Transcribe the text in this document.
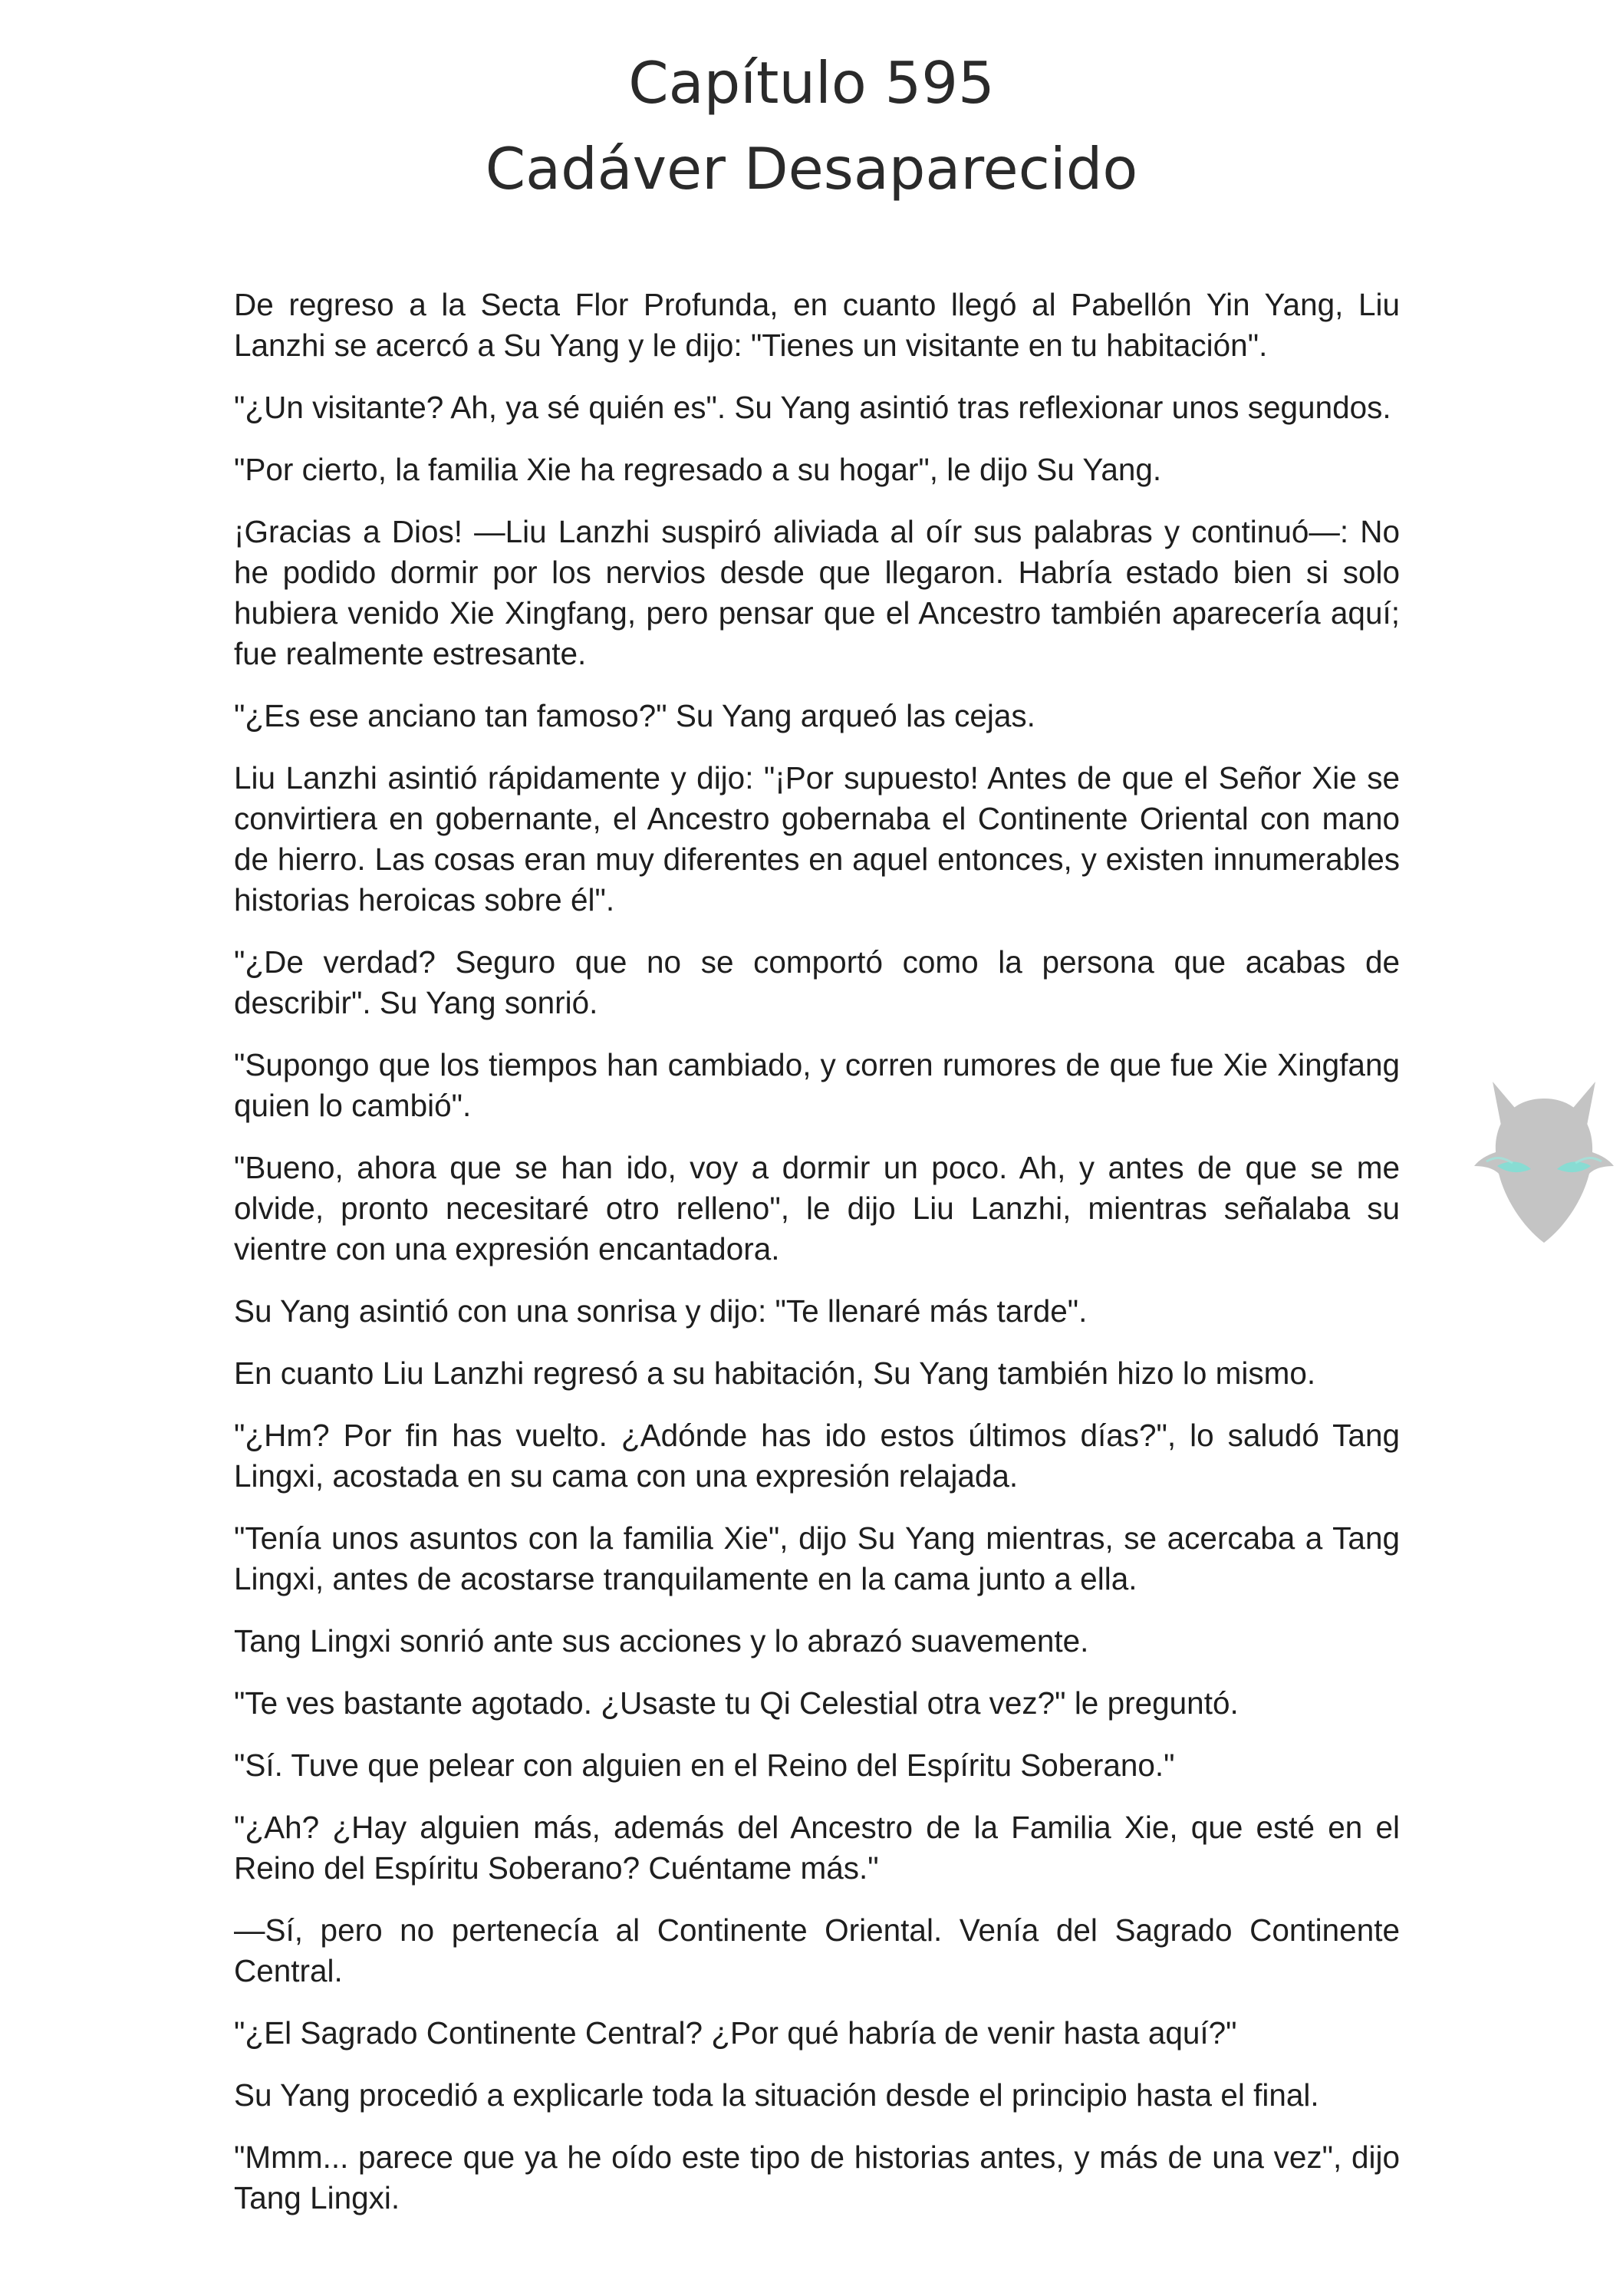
Capítulo 595
Cadáver Desaparecido

De regreso a la Secta Flor Profunda, en cuanto llegó al Pabellón Yin Yang, Liu Lanzhi se acercó a Su Yang y le dijo: "Tienes un visitante en tu habitación".

"¿Un visitante? Ah, ya sé quién es". Su Yang asintió tras reflexionar unos segundos.

"Por cierto, la familia Xie ha regresado a su hogar", le dijo Su Yang.

¡Gracias a Dios! —Liu Lanzhi suspiró aliviada al oír sus palabras y continuó—: No he podido dormir por los nervios desde que llegaron. Habría estado bien si solo hubiera venido Xie Xingfang, pero pensar que el Ancestro también aparecería aquí; fue realmente estresante.

"¿Es ese anciano tan famoso?" Su Yang arqueó las cejas.

Liu Lanzhi asintió rápidamente y dijo: "¡Por supuesto! Antes de que el Señor Xie se convirtiera en gobernante, el Ancestro gobernaba el Continente Oriental con mano de hierro. Las cosas eran muy diferentes en aquel entonces, y existen innumerables historias heroicas sobre él".

"¿De verdad? Seguro que no se comportó como la persona que acabas de describir". Su Yang sonrió.

"Supongo que los tiempos han cambiado, y corren rumores de que fue Xie Xingfang quien lo cambió".

"Bueno, ahora que se han ido, voy a dormir un poco. Ah, y antes de que se me olvide, pronto necesitaré otro relleno", le dijo Liu Lanzhi, mientras señalaba su vientre con una expresión encantadora.

Su Yang asintió con una sonrisa y dijo: "Te llenaré más tarde".

En cuanto Liu Lanzhi regresó a su habitación, Su Yang también hizo lo mismo.

"¿Hm? Por fin has vuelto. ¿Adónde has ido estos últimos días?", lo saludó Tang Lingxi, acostada en su cama con una expresión relajada.

"Tenía unos asuntos con la familia Xie", dijo Su Yang mientras, se acercaba a Tang Lingxi, antes de acostarse tranquilamente en la cama junto a ella.

Tang Lingxi sonrió ante sus acciones y lo abrazó suavemente.

"Te ves bastante agotado. ¿Usaste tu Qi Celestial otra vez?" le preguntó.

"Sí. Tuve que pelear con alguien en el Reino del Espíritu Soberano."

"¿Ah? ¿Hay alguien más, además del Ancestro de la Familia Xie, que esté en el Reino del Espíritu Soberano? Cuéntame más."

—Sí, pero no pertenecía al Continente Oriental. Venía del Sagrado Continente Central.

"¿El Sagrado Continente Central? ¿Por qué habría de venir hasta aquí?"

Su Yang procedió a explicarle toda la situación desde el principio hasta el final.

"Mmm... parece que ya he oído este tipo de historias antes, y más de una vez", dijo Tang Lingxi.
